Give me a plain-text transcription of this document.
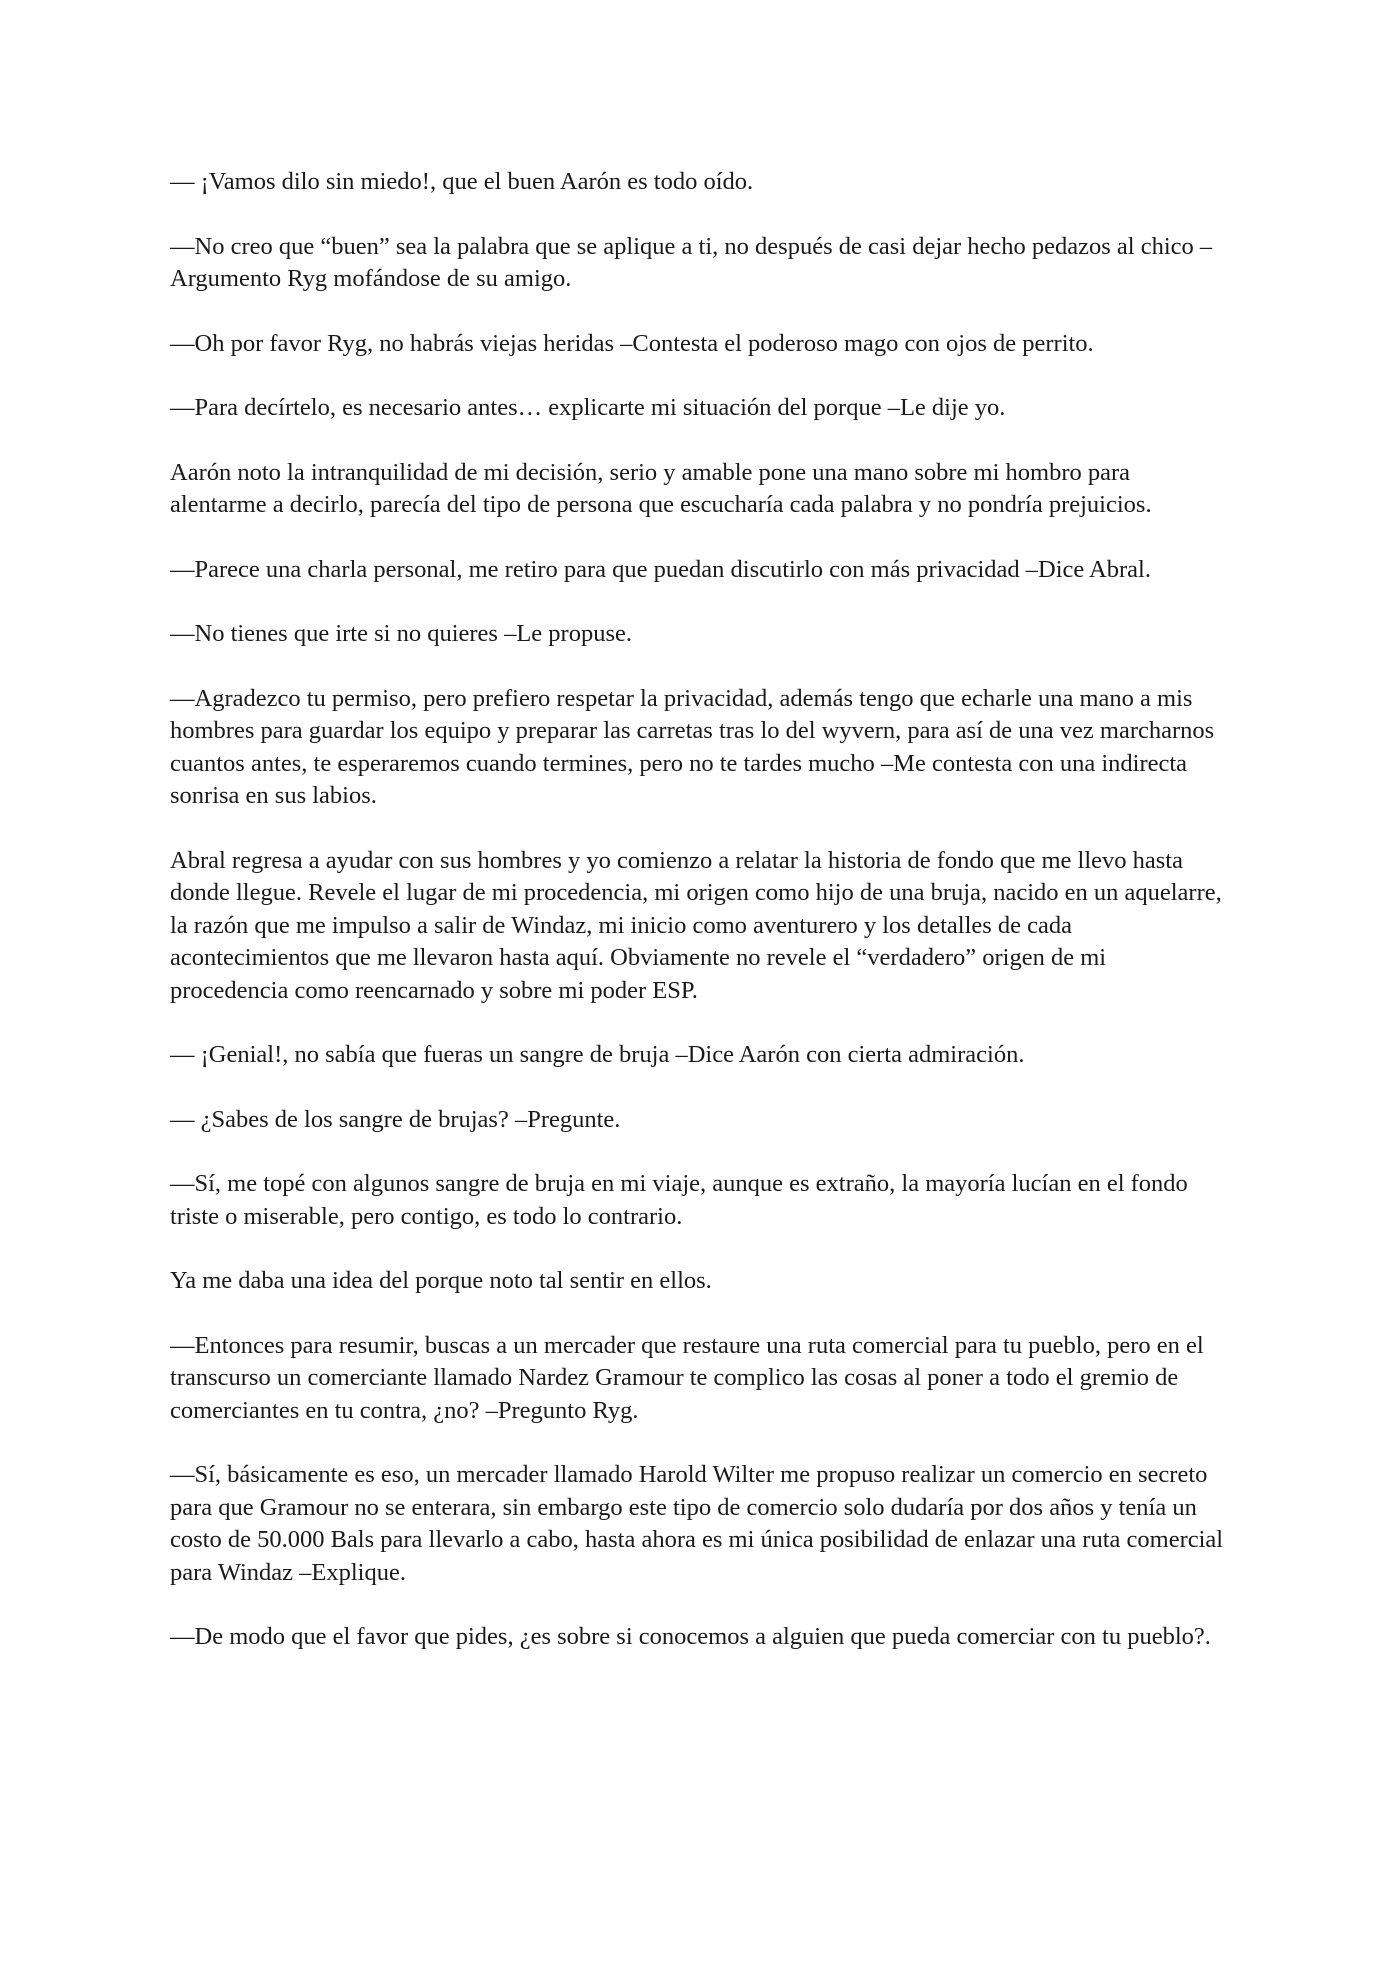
— ¡Vamos dilo sin miedo!, que el buen Aarón es todo oído.

—No creo que “buen” sea la palabra que se aplique a ti, no después de casi dejar hecho pedazos al chico –Argumento Ryg mofándose de su amigo.

—Oh por favor Ryg, no habrás viejas heridas –Contesta el poderoso mago con ojos de perrito.

—Para decírtelo, es necesario antes… explicarte mi situación del porque –Le dije yo.

Aarón noto la intranquilidad de mi decisión, serio y amable pone una mano sobre mi hombro para alentarme a decirlo, parecía del tipo de persona que escucharía cada palabra y no pondría prejuicios.

—Parece una charla personal, me retiro para que puedan discutirlo con más privacidad –Dice Abral.

—No tienes que irte si no quieres –Le propuse.

—Agradezco tu permiso, pero prefiero respetar la privacidad, además tengo que echarle una mano a mis hombres para guardar los equipo y preparar las carretas tras lo del wyvern, para así de una vez marcharnos cuantos antes, te esperaremos cuando termines, pero no te tardes mucho –Me contesta con una indirecta sonrisa en sus labios.

Abral regresa a ayudar con sus hombres y yo comienzo a relatar la historia de fondo que me llevo hasta donde llegue. Revele el lugar de mi procedencia, mi origen como hijo de una bruja, nacido en un aquelarre, la razón que me impulso a salir de Windaz, mi inicio como aventurero y los detalles de cada acontecimientos que me llevaron hasta aquí. Obviamente no revele el “verdadero” origen de mi procedencia como reencarnado y sobre mi poder ESP.

— ¡Genial!, no sabía que fueras un sangre de bruja –Dice Aarón con cierta admiración.

— ¿Sabes de los sangre de brujas? –Pregunte.

—Sí, me topé con algunos sangre de bruja en mi viaje, aunque es extraño, la mayoría lucían en el fondo triste o miserable, pero contigo, es todo lo contrario.

Ya me daba una idea del porque noto tal sentir en ellos.

—Entonces para resumir, buscas a un mercader que restaure una ruta comercial para tu pueblo, pero en el transcurso un comerciante llamado Nardez Gramour te complico las cosas al poner a todo el gremio de comerciantes en tu contra, ¿no? –Pregunto Ryg.

—Sí, básicamente es eso, un mercader llamado Harold Wilter me propuso realizar un comercio en secreto para que Gramour no se enterara, sin embargo este tipo de comercio solo dudaría por dos años y tenía un costo de 50.000 Bals para llevarlo a cabo, hasta ahora es mi única posibilidad de enlazar una ruta comercial para Windaz –Explique.

—De modo que el favor que pides, ¿es sobre si conocemos a alguien que pueda comerciar con tu pueblo?.
